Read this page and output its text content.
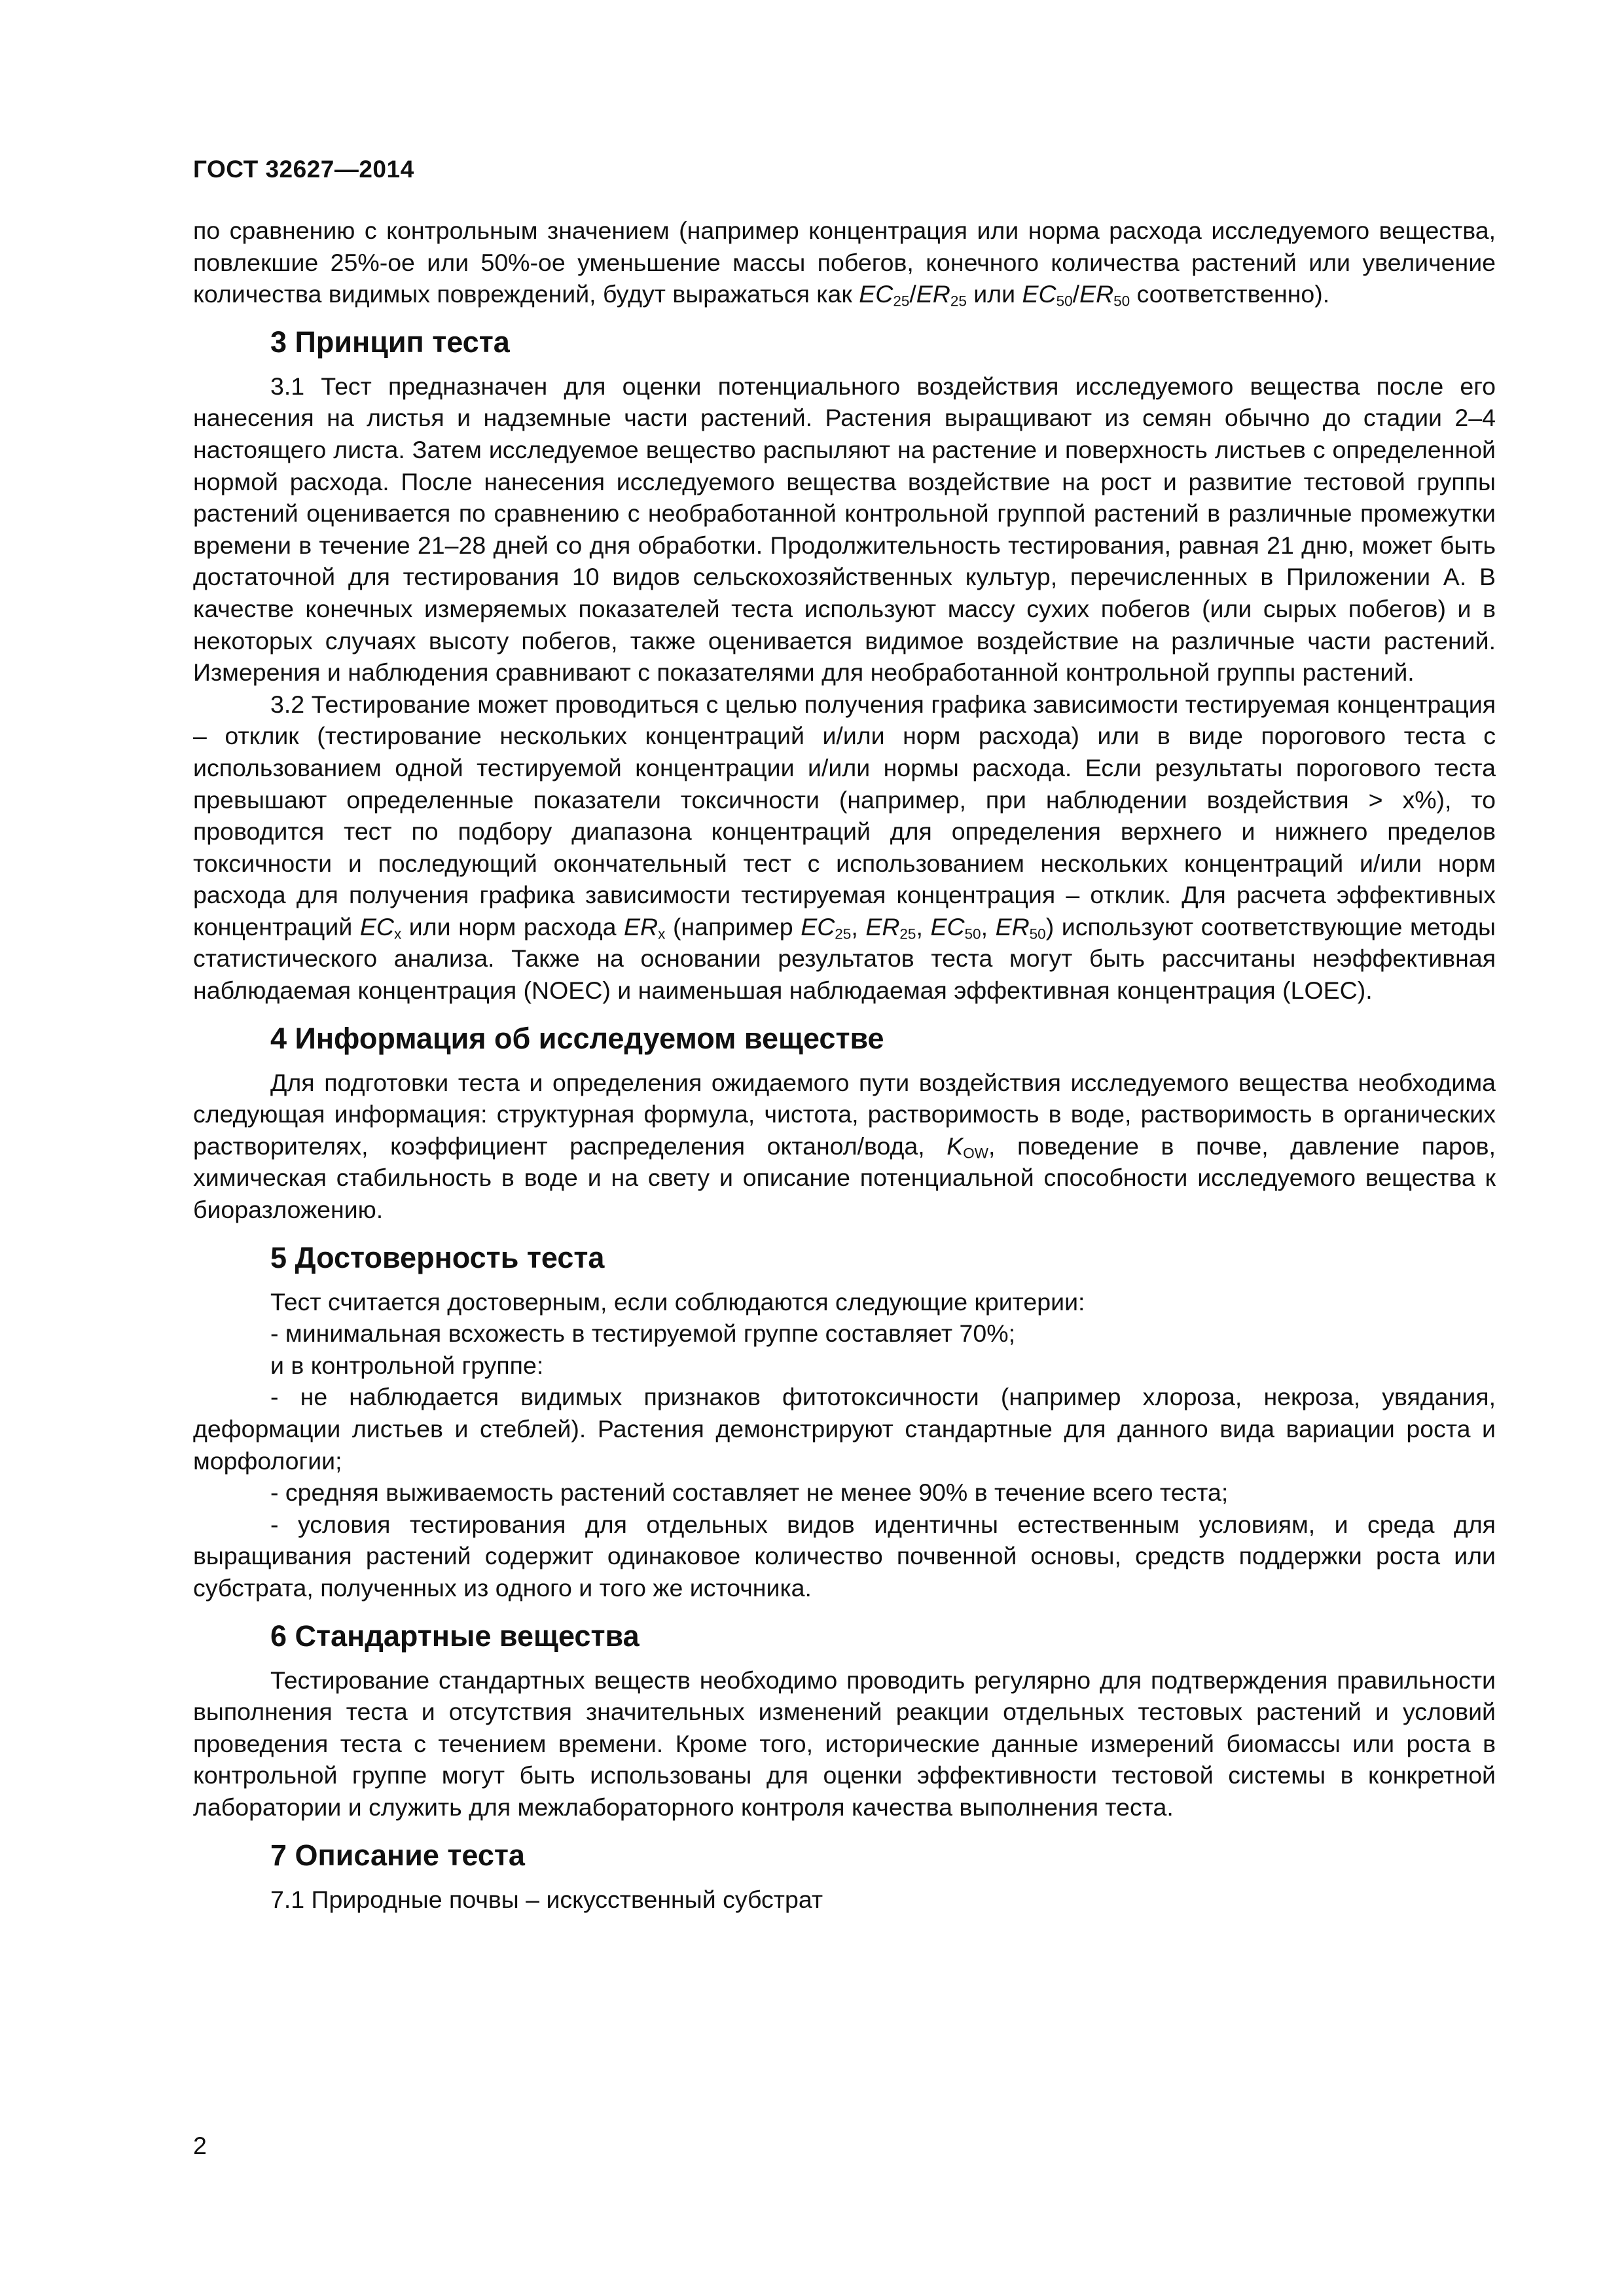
ГОСТ 32627—2014

по сравнению с контрольным значением (например концентрация или норма расхода исследуемого вещества, повлекшие 25%-ое или 50%-ое уменьшение массы побегов, конечного количества растений или увеличение количества видимых повреждений, будут выражаться как $EC_{25}/ER_{25}$ или $EC_{50}/ER_{50}$ соответственно).

3 Принцип теста

3.1 Тест предназначен для оценки потенциального воздействия исследуемого вещества после его нанесения на листья и надземные части растений. Растения выращивают из семян обычно до стадии 2–4 настоящего листа. Затем исследуемое вещество распыляют на растение и поверхность листьев с определенной нормой расхода. После нанесения исследуемого вещества воздействие на рост и развитие тестовой группы растений оценивается по сравнению с необработанной контрольной группой растений в различные промежутки времени в течение 21–28 дней со дня обработки. Продолжительность тестирования, равная 21 дню, может быть достаточной для тестирования 10 видов сельскохозяйственных культур, перечисленных в Приложении А. В качестве конечных измеряемых показателей теста используют массу сухих побегов (или сырых побегов) и в некоторых случаях высоту побегов, также оценивается видимое воздействие на различные части растений. Измерения и наблюдения сравнивают с показателями для необработанной контрольной группы растений.

3.2 Тестирование может проводиться с целью получения графика зависимости тестируемая концентрация – отклик (тестирование нескольких концентраций и/или норм расхода) или в виде порогового теста с использованием одной тестируемой концентрации и/или нормы расхода. Если результаты порогового теста превышают определенные показатели токсичности (например, при наблюдении воздействия > x%), то проводится тест по подбору диапазона концентраций для определения верхнего и нижнего пределов токсичности и последующий окончательный тест с использованием нескольких концентраций и/или норм расхода для получения графика зависимости тестируемая концентрация – отклик. Для расчета эффективных концентраций $EC_x$ или норм расхода $ER_x$ (например $EC_{25}$, $ER_{25}$, $EC_{50}$, $ER_{50}$) используют соответствующие методы статистического анализа. Также на основании результатов теста могут быть рассчитаны неэффективная наблюдаемая концентрация (NOEC) и наименьшая наблюдаемая эффективная концентрация (LOEC).

4 Информация об исследуемом веществе

Для подготовки теста и определения ожидаемого пути воздействия исследуемого вещества необходима следующая информация: структурная формула, чистота, растворимость в воде, растворимость в органических растворителях, коэффициент распределения октанол/вода, $K_{OW}$, поведение в почве, давление паров, химическая стабильность в воде и на свету и описание потенциальной способности исследуемого вещества к биоразложению.

5 Достоверность теста

Тест считается достоверным, если соблюдаются следующие критерии:

- минимальная всхожесть в тестируемой группе составляет 70%;

и в контрольной группе:

- не наблюдается видимых признаков фитотоксичности (например хлороза, некроза, увядания, деформации листьев и стеблей). Растения демонстрируют стандартные для данного вида вариации роста и морфологии;

- средняя выживаемость растений составляет не менее 90% в течение всего теста;

- условия тестирования для отдельных видов идентичны естественным условиям, и среда для выращивания растений содержит одинаковое количество почвенной основы, средств поддержки роста или субстрата, полученных из одного и того же источника.

6 Стандартные вещества

Тестирование стандартных веществ необходимо проводить регулярно для подтверждения правильности выполнения теста и отсутствия значительных изменений реакции отдельных тестовых растений и условий проведения теста с течением времени. Кроме того, исторические данные измерений биомассы или роста в контрольной группе могут быть использованы для оценки эффективности тестовой системы в конкретной лаборатории и служить для межлабораторного контроля качества выполнения теста.

7 Описание теста

7.1 Природные почвы – искусственный субстрат

2
